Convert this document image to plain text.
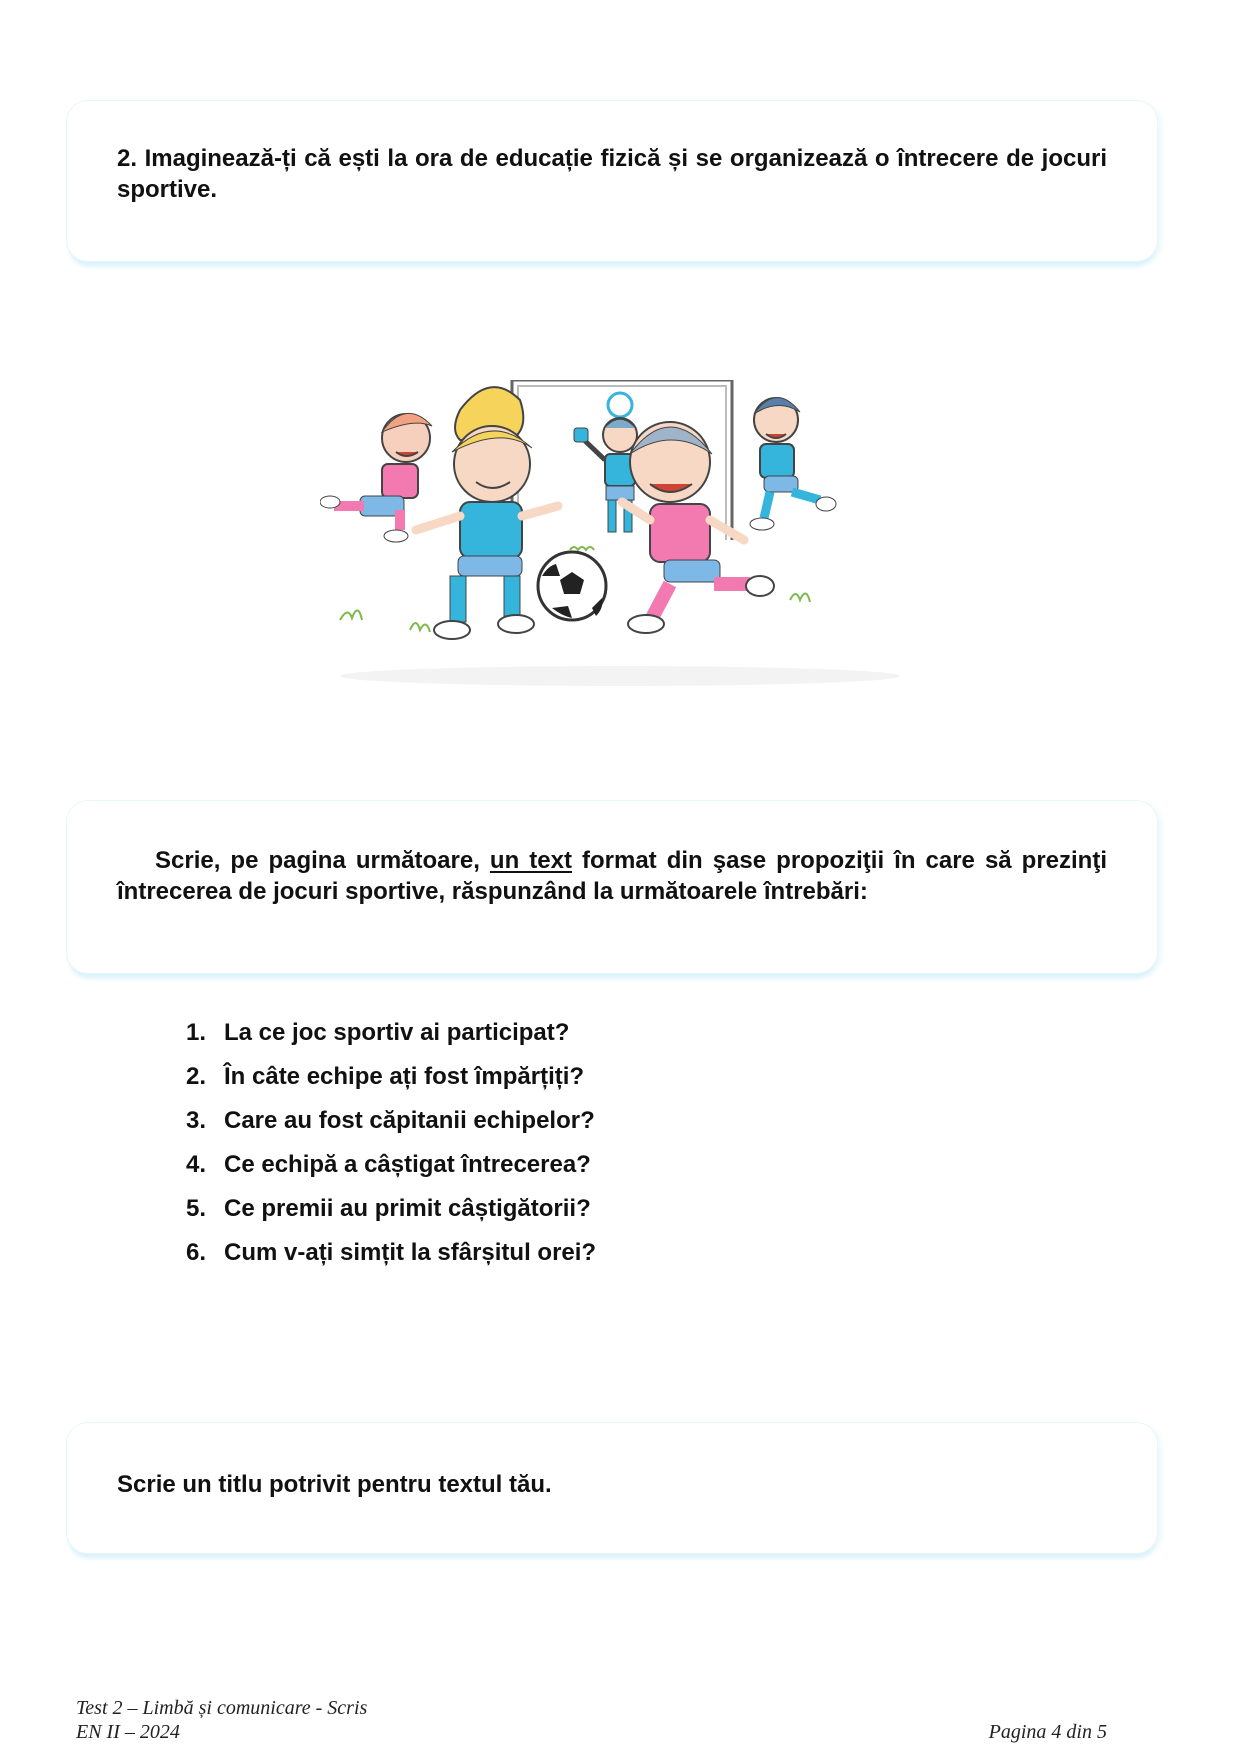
2. Imaginează-ți că ești la ora de educație fizică și se organizează o întrecere de jocuri sportive.

Scrie, pe pagina următoare, un text format din şase propoziţii în care să prezinţi întrecerea de jocuri sportive, răspunzând la următoarele întrebări:

1. La ce joc sportiv ai participat?
2. În câte echipe ați fost împărțiți?
3. Care au fost căpitanii echipelor?
4. Ce echipă a câștigat întrecerea?
5. Ce premii au primit câștigătorii?
6. Cum v-ați simțit la sfârșitul orei?

Scrie un titlu potrivit pentru textul tău.

Test 2 – Limbă și comunicare - Scris
EN II – 2024	Pagina 4 din 5
